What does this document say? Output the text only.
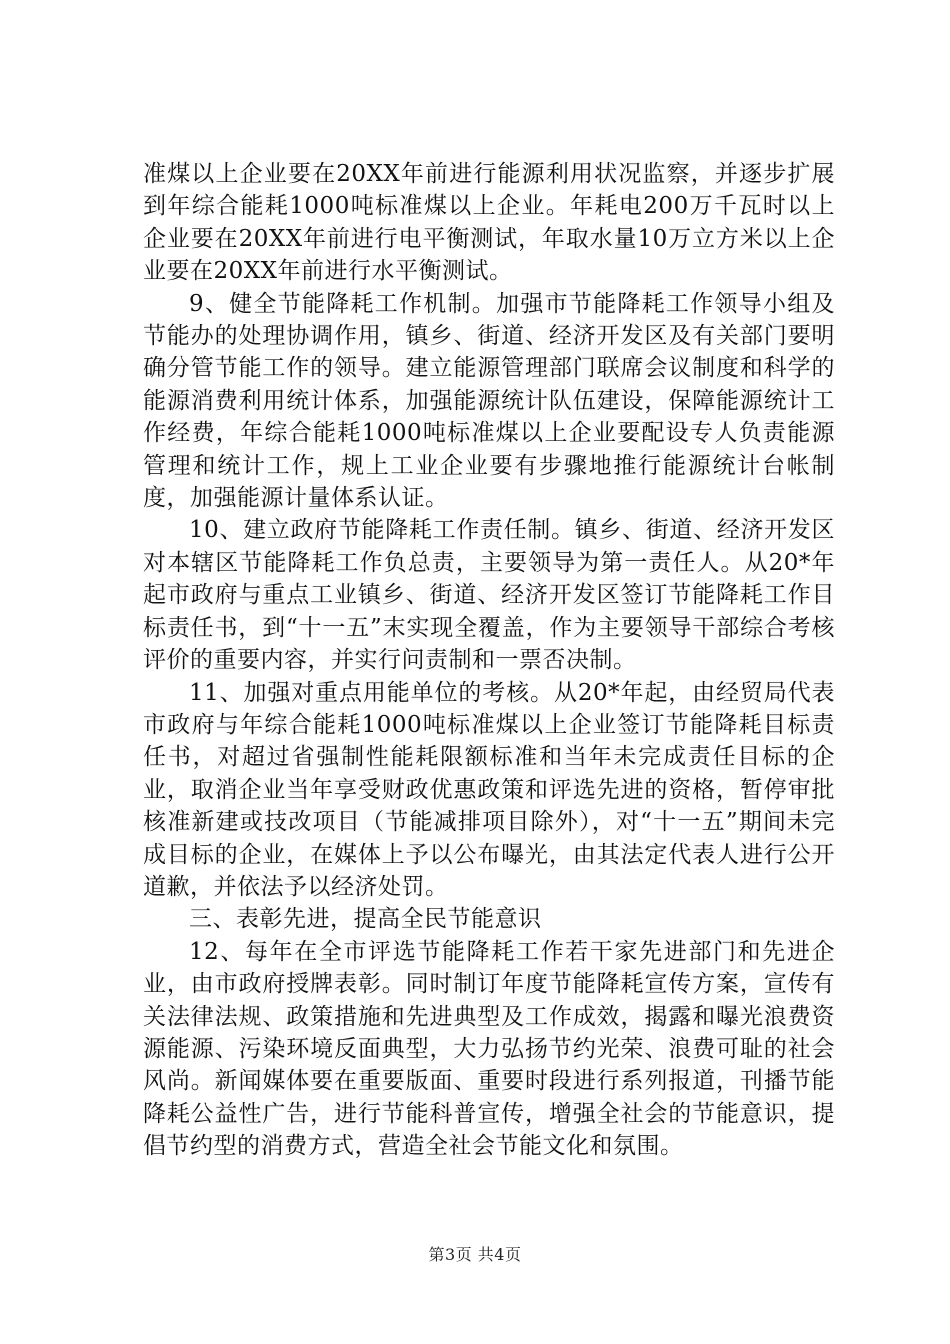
准煤以上企业要在20XX年前进行能源利用状况监察，并逐步扩展到年综合能耗1000吨标准煤以上企业。年耗电200万千瓦时以上企业要在20XX年前进行电平衡测试，年取水量10万立方米以上企业要在20XX年前进行水平衡测试。

9、健全节能降耗工作机制。加强市节能降耗工作领导小组及节能办的处理协调作用，镇乡、街道、经济开发区及有关部门要明确分管节能工作的领导。建立能源管理部门联席会议制度和科学的能源消费利用统计体系，加强能源统计队伍建设，保障能源统计工作经费，年综合能耗1000吨标准煤以上企业要配设专人负责能源管理和统计工作，规上工业企业要有步骤地推行能源统计台帐制度，加强能源计量体系认证。

10、建立政府节能降耗工作责任制。镇乡、街道、经济开发区对本辖区节能降耗工作负总责，主要领导为第一责任人。从20*年起市政府与重点工业镇乡、街道、经济开发区签订节能降耗工作目标责任书，到“十一五”末实现全覆盖，作为主要领导干部综合考核评价的重要内容，并实行问责制和一票否决制。

11、加强对重点用能单位的考核。从20*年起，由经贸局代表市政府与年综合能耗1000吨标准煤以上企业签订节能降耗目标责任书，对超过省强制性能耗限额标准和当年未完成责任目标的企业，取消企业当年享受财政优惠政策和评选先进的资格，暂停审批核准新建或技改项目（节能减排项目除外），对“十一五”期间未完成目标的企业，在媒体上予以公布曝光，由其法定代表人进行公开道歉，并依法予以经济处罚。

三、表彰先进，提高全民节能意识

12、每年在全市评选节能降耗工作若干家先进部门和先进企业，由市政府授牌表彰。同时制订年度节能降耗宣传方案，宣传有关法律法规、政策措施和先进典型及工作成效，揭露和曝光浪费资源能源、污染环境反面典型，大力弘扬节约光荣、浪费可耻的社会风尚。新闻媒体要在重要版面、重要时段进行系列报道，刊播节能降耗公益性广告，进行节能科普宣传，增强全社会的节能意识，提倡节约型的消费方式，营造全社会节能文化和氛围。

第3页 共4页
